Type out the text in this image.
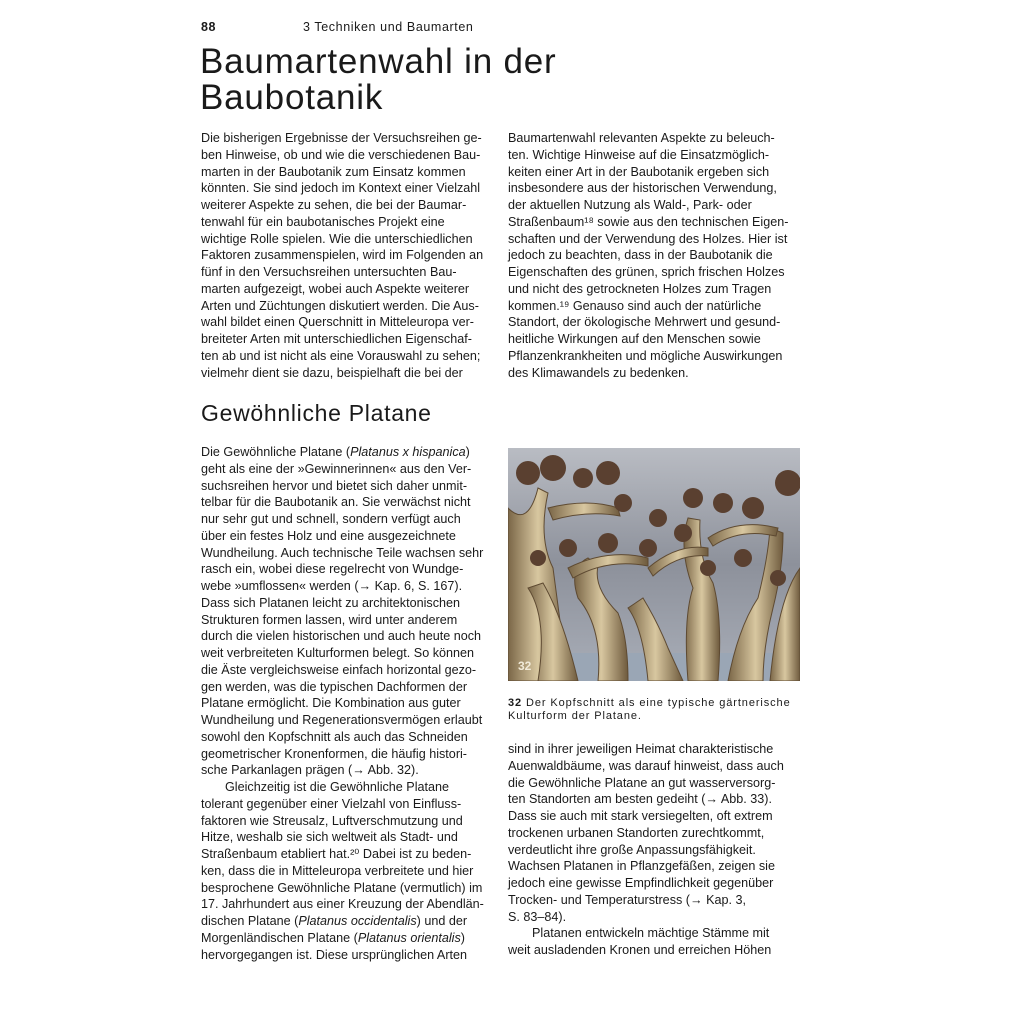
88	3 Techniken und Baumarten
Baumartenwahl in der
Baubotanik
Die bisherigen Ergebnisse der Versuchsreihen ge-
ben Hinweise, ob und wie die verschiedenen Bau-
marten in der Baubotanik zum Einsatz kommen
könnten. Sie sind jedoch im Kontext einer Vielzahl
weiterer Aspekte zu sehen, die bei der Baumar-
tenwahl für ein baubotanisches Projekt eine
wichtige Rolle spielen. Wie die unterschiedlichen
Faktoren zusammenspielen, wird im Folgenden an
fünf in den Versuchsreihen untersuchten Bau-
marten aufgezeigt, wobei auch Aspekte weiterer
Arten und Züchtungen diskutiert werden. Die Aus-
wahl bildet einen Querschnitt in Mitteleuropa ver-
breiteter Arten mit unterschiedlichen Eigenschaf-
ten ab und ist nicht als eine Vorauswahl zu sehen;
vielmehr dient sie dazu, beispielhaft die bei der
Baumartenwahl relevanten Aspekte zu beleuch-
ten. Wichtige Hinweise auf die Einsatzmöglich-
keiten einer Art in der Baubotanik ergeben sich
insbesondere aus der historischen Verwendung,
der aktuellen Nutzung als Wald-, Park- oder
Straßenbaum¹⁸ sowie aus den technischen Eigen-
schaften und der Verwendung des Holzes. Hier ist
jedoch zu beachten, dass in der Baubotanik die
Eigenschaften des grünen, sprich frischen Holzes
und nicht des getrockneten Holzes zum Tragen
kommen.¹⁹ Genauso sind auch der natürliche
Standort, der ökologische Mehrwert und gesund-
heitliche Wirkungen auf den Menschen sowie
Pflanzenkrankheiten und mögliche Auswirkungen
des Klimawandels zu bedenken.
Gewöhnliche Platane
Die Gewöhnliche Platane (Platanus x hispanica)
geht als eine der »Gewinnerinnen« aus den Ver-
suchsreihen hervor und bietet sich daher unmit-
telbar für die Baubotanik an. Sie verwächst nicht
nur sehr gut und schnell, sondern verfügt auch
über ein festes Holz und eine ausgezeichnete
Wundheilung. Auch technische Teile wachsen sehr
rasch ein, wobei diese regelrecht von Wundge-
webe »umflossen« werden (→ Kap. 6, S. 167).
Dass sich Platanen leicht zu architektonischen
Strukturen formen lassen, wird unter anderem
durch die vielen historischen und auch heute noch
weit verbreiteten Kulturformen belegt. So können
die Äste vergleichsweise einfach horizontal gezo-
gen werden, was die typischen Dachformen der
Platane ermöglicht. Die Kombination aus guter
Wundheilung und Regenerationsvermögen erlaubt
sowohl den Kopfschnitt als auch das Schneiden
geometrischer Kronenformen, die häufig histori-
sche Parkanlagen prägen (→ Abb. 32).
Gleichzeitig ist die Gewöhnliche Platane
tolerant gegenüber einer Vielzahl von Einfluss-
faktoren wie Streusalz, Luftverschmutzung und
Hitze, weshalb sie sich weltweit als Stadt- und
Straßenbaum etabliert hat.²⁰ Dabei ist zu beden-
ken, dass die in Mitteleuropa verbreitete und hier
besprochene Gewöhnliche Platane (vermutlich) im
17. Jahrhundert aus einer Kreuzung der Abendlän-
dischen Platane (Platanus occidentalis) und der
Morgenländischen Platane (Platanus orientalis)
hervorgegangen ist. Diese ursprünglichen Arten
sind in ihrer jeweiligen Heimat charakteristische
Auenwaldbäume, was darauf hinweist, dass auch
die Gewöhnliche Platane an gut wasserversorg-
ten Standorten am besten gedeiht (→ Abb. 33).
Dass sie auch mit stark versiegelten, oft extrem
trockenen urbanen Standorten zurechtkommt,
verdeutlicht ihre große Anpassungsfähigkeit.
Wachsen Platanen in Pflanzgefäßen, zeigen sie
jedoch eine gewisse Empfindlichkeit gegenüber
Trocken- und Temperaturstress (→ Kap. 3,
S. 83–84).
Platanen entwickeln mächtige Stämme mit
weit ausladenden Kronen und erreichen Höhen
32
32 Der Kopfschnitt als eine typische gärtnerische Kulturform der Platane.
